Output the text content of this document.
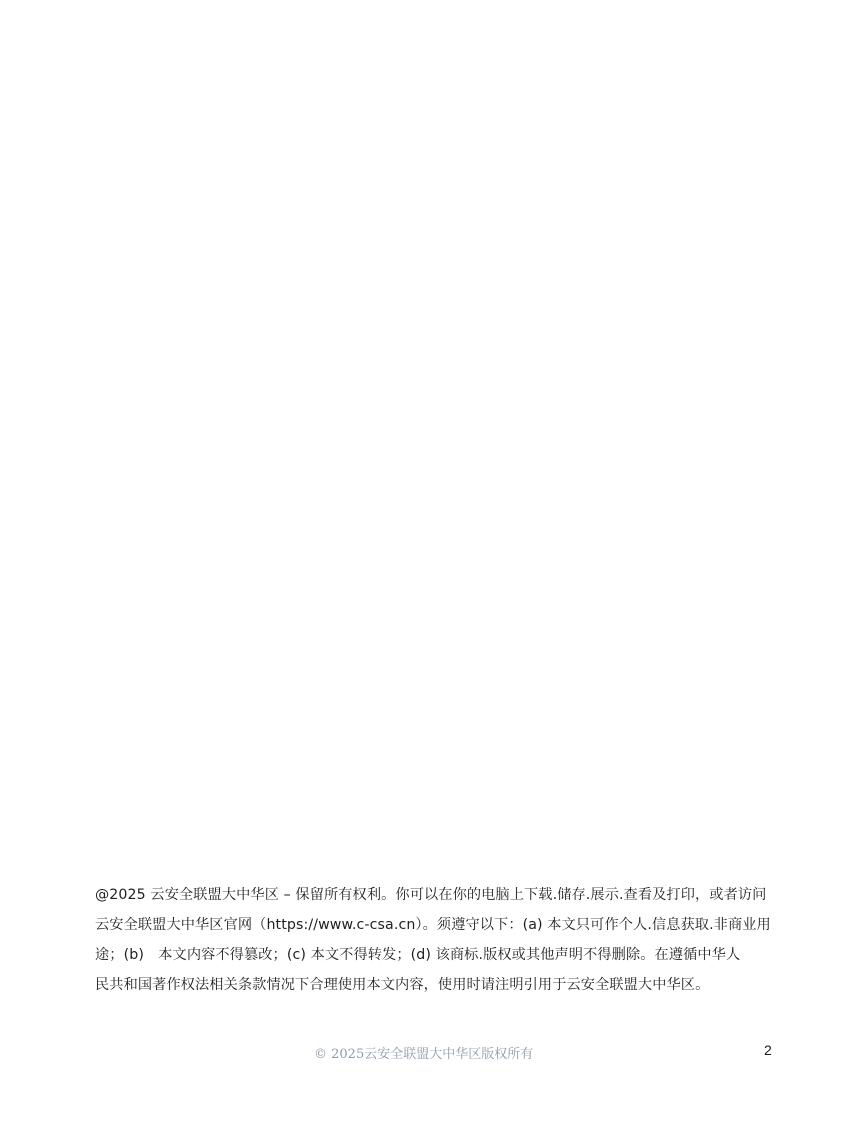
@2025 云安全联盟大中华区 – 保留所有权利。你可以在你的电脑上下载.储存.展示.查看及打印，或者访问
云安全联盟大中华区官网（https://www.c-csa.cn）。须遵守以下：(a) 本文只可作个人.信息获取.非商业用
途；(b)　本文内容不得篡改；(c) 本文不得转发；(d) 该商标.版权或其他声明不得删除。在遵循中华人
民共和国著作权法相关条款情况下合理使用本文内容，使用时请注明引用于云安全联盟大中华区。
© 2025云安全联盟大中华区版权所有	2
